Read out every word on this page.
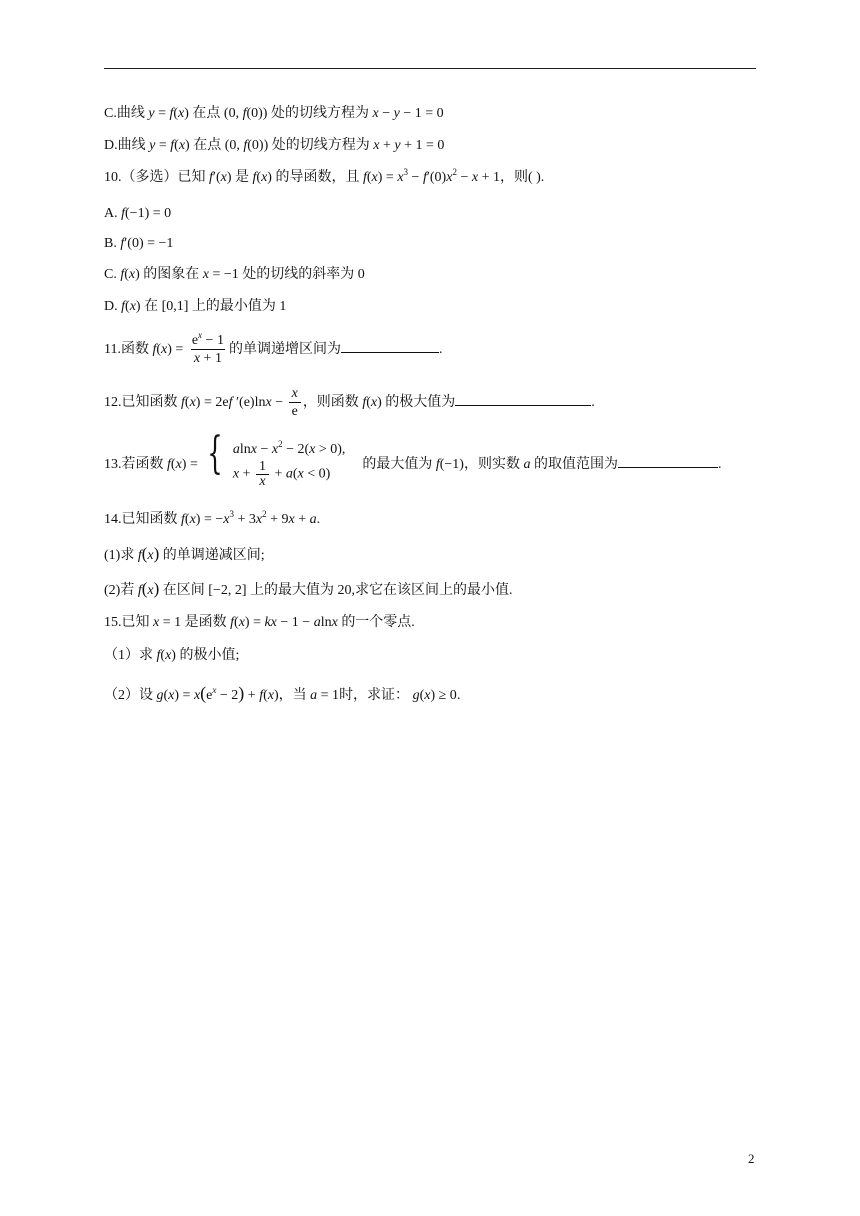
C.曲线 y = f(x) 在点 (0, f(0)) 处的切线方程为 x − y − 1 = 0
D.曲线 y = f(x) 在点 (0, f(0)) 处的切线方程为 x + y + 1 = 0
10.（多选）已知 f′(x) 是 f(x) 的导函数，且 $f(x) = x^3 - f'(0)x^2 - x + 1$，则( ).
A. f(−1) = 0
B. f′(0) = −1
C. f(x) 的图象在 x = −1 处的切线的斜率为 0
D. f(x) 在 [0,1] 上的最小值为 1
11.函数 $f(x) = \frac{e^x - 1}{x + 1}$ 的单调递增区间为	.
12.已知函数 f(x) = 2ef $'(e)\ln x - \frac{x}{e}$ ，则函数 f(x) 的极大值为	.
13.若函数 f(x) = { $alnx - x^2 - 2(x > 0)$,
$x + \frac{1}{x} + a(x < 0)$
的最大值为 f(−1)，则实数 a 的取值范围为	.
14.已知函数 $f(x) = -x^3 + 3x^2 + 9x + a$.
(1)求 f(x) 的单调递减区间;
(2)若 f(x) 在区间 [−2, 2] 上的最大值为 20,求它在该区间上的最小值.
15.已知 x = 1 是函数 f(x) = kx − 1 − alnx 的一个零点.
（1）求 f(x) 的极小值;
（2）设 $g(x) = x(e^x - 2) + f(x)$，当 a = 1时，求证： g(x) ≥ 0.
2
